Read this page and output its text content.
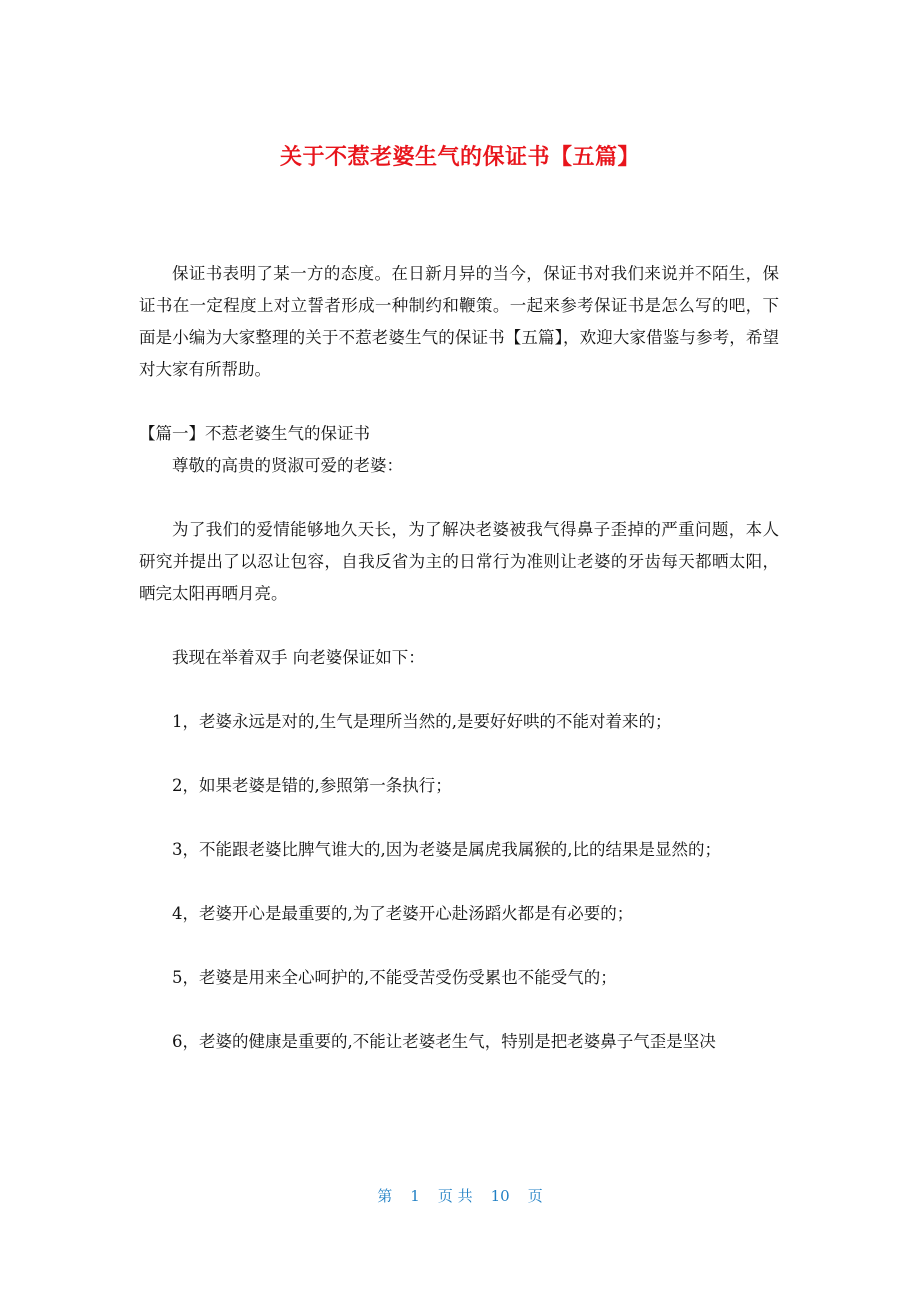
关于不惹老婆生气的保证书【五篇】

保证书表明了某一方的态度。在日新月异的当今，保证书对我们来说并不陌生，保证书在一定程度上对立誓者形成一种制约和鞭策。一起来参考保证书是怎么写的吧，下面是小编为大家整理的关于不惹老婆生气的保证书【五篇】，欢迎大家借鉴与参考，希望对大家有所帮助。

【篇一】不惹老婆生气的保证书

尊敬的高贵的贤淑可爱的老婆：

为了我们的爱情能够地久天长，为了解决老婆被我气得鼻子歪掉的严重问题，本人研究并提出了以忍让包容，自我反省为主的日常行为准则让老婆的牙齿每天都晒太阳，晒完太阳再晒月亮。

我现在举着双手 向老婆保证如下：

1，老婆永远是对的,生气是理所当然的,是要好好哄的不能对着来的；

2，如果老婆是错的,参照第一条执行；

3，不能跟老婆比脾气谁大的,因为老婆是属虎我属猴的,比的结果是显然的；

4，老婆开心是最重要的,为了老婆开心赴汤蹈火都是有必要的；

5，老婆是用来全心呵护的,不能受苦受伤受累也不能受气的；

6，老婆的健康是重要的,不能让老婆老生气，特别是把老婆鼻子气歪是坚决

第 1 页 共 10 页
